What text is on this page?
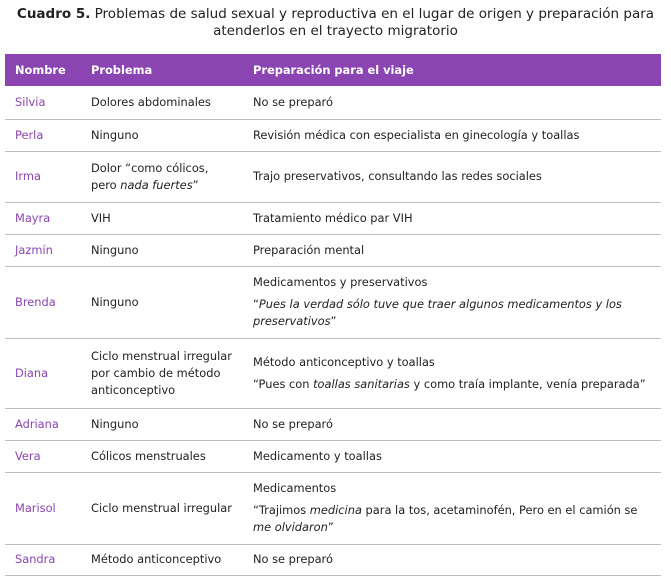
Cuadro 5. Problemas de salud sexual y reproductiva en el lugar de origen y preparación para
atenderlos en el trayecto migratorio
Nombre	Problema	Preparación para el viaje
Silvia	Dolores abdominales	No se preparó
Perla	Ninguno	Revisión médica con especialista en ginecología y toallas
Irma	Dolor “como cólicos,
pero nada fuertes”	Trajo preservativos, consultando las redes sociales
Mayra	VIH	Tratamiento médico par VIH
Jazmín	Ninguno	Preparación mental
Brenda	Ninguno	Medicamentos y preservativos
“Pues la verdad sólo tuve que traer algunos medicamentos y los preservativos”

Diana	Ciclo menstrual irregular por cambio de método anticonceptivo	Método anticonceptivo y toallas
“Pues con toallas sanitarias y como traía implante, venía preparada”

Adriana	Ninguno	No se preparó
Vera	Cólicos menstruales	Medicamento y toallas
Marisol	Ciclo menstrual irregular	Medicamentos
“Trajimos medicina para la tos, acetaminofén, Pero en el camión se me olvidaron”

Sandra	Método anticonceptivo	No se preparó
